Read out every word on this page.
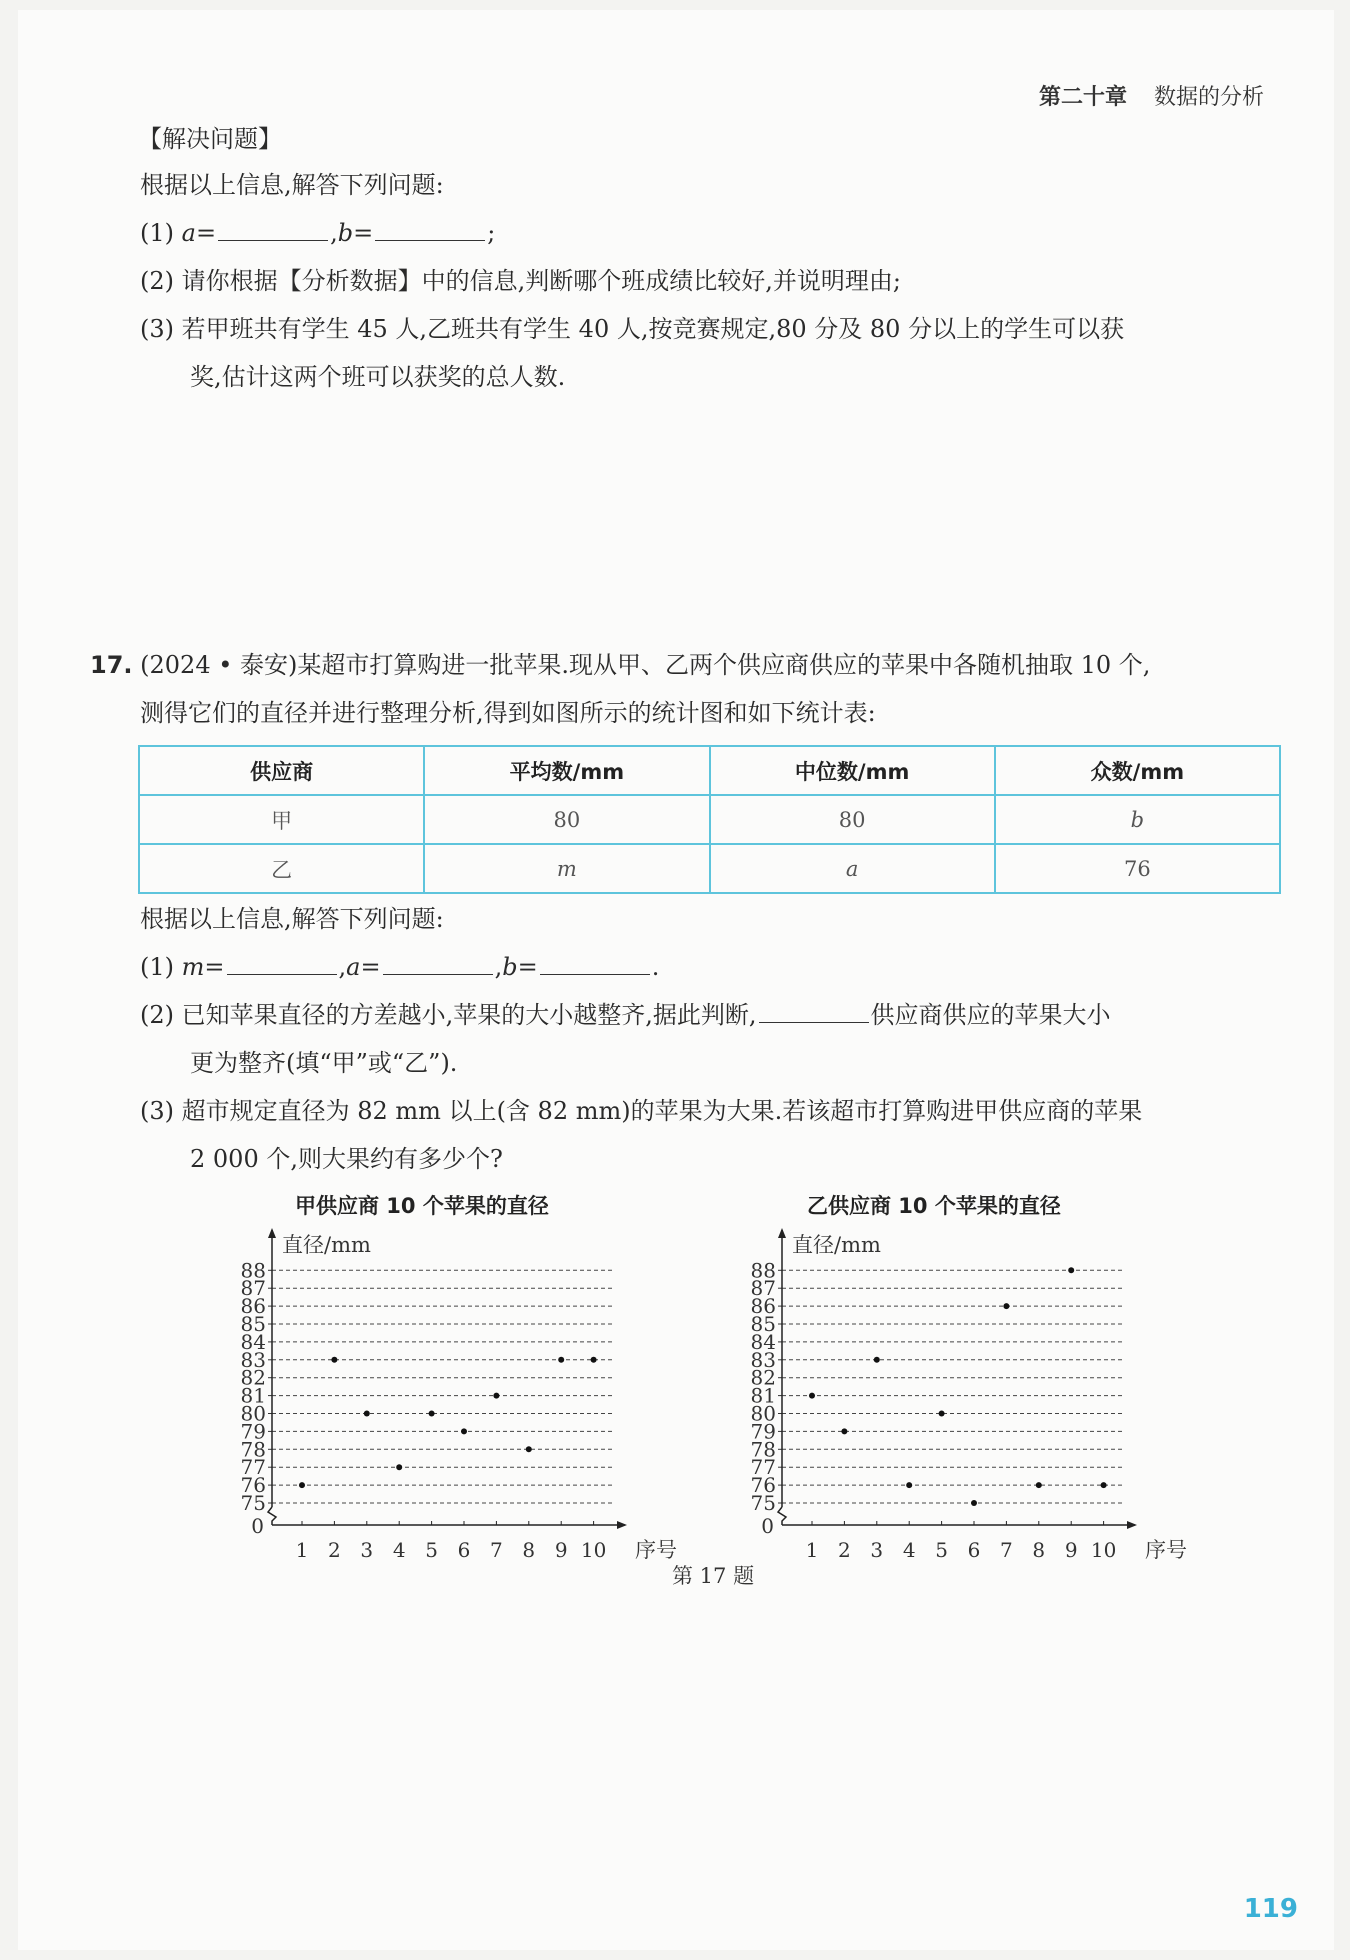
第二十章 数据的分析
【解决问题】
根据以上信息,解答下列问题:
(1) a=	,b=	;
(2) 请你根据【分析数据】中的信息,判断哪个班成绩比较好,并说明理由;
(3) 若甲班共有学生 45 人,乙班共有学生 40 人,按竞赛规定,80 分及 80 分以上的学生可以获
奖,估计这两个班可以获奖的总人数.
17. (2024 • 泰安)某超市打算购进一批苹果.现从甲、乙两个供应商供应的苹果中各随机抽取 10 个,
测得它们的直径并进行整理分析,得到如图所示的统计图和如下统计表:
供应商	平均数/mm	中位数/mm	众数/mm
甲	80	80	b
乙	m	a	76
根据以上信息,解答下列问题:
(1) m=	,a=	,b=	.
(2) 已知苹果直径的方差越小,苹果的大小越整齐,据此判断,	供应商供应的苹果大小
更为整齐(填“甲”或“乙”).
(3) 超市规定直径为 82 mm 以上(含 82 mm)的苹果为大果.若该超市打算购进甲供应商的苹果
2 000 个,则大果约有多少个?
甲供应商 10 个苹果的直径	乙供应商 10 个苹果的直径
75
76
77
78
79
80
81
82
83
84
85
86
87
88
0
1 2 3 4 5 6 7 8 9 10
直径/mm
序号
75
76
77
78
79
80
81
82
83
84
85
86
87
88
0
1 2 3 4 5 6 7 8 9 10
直径/mm
序号
第 17 题
119
